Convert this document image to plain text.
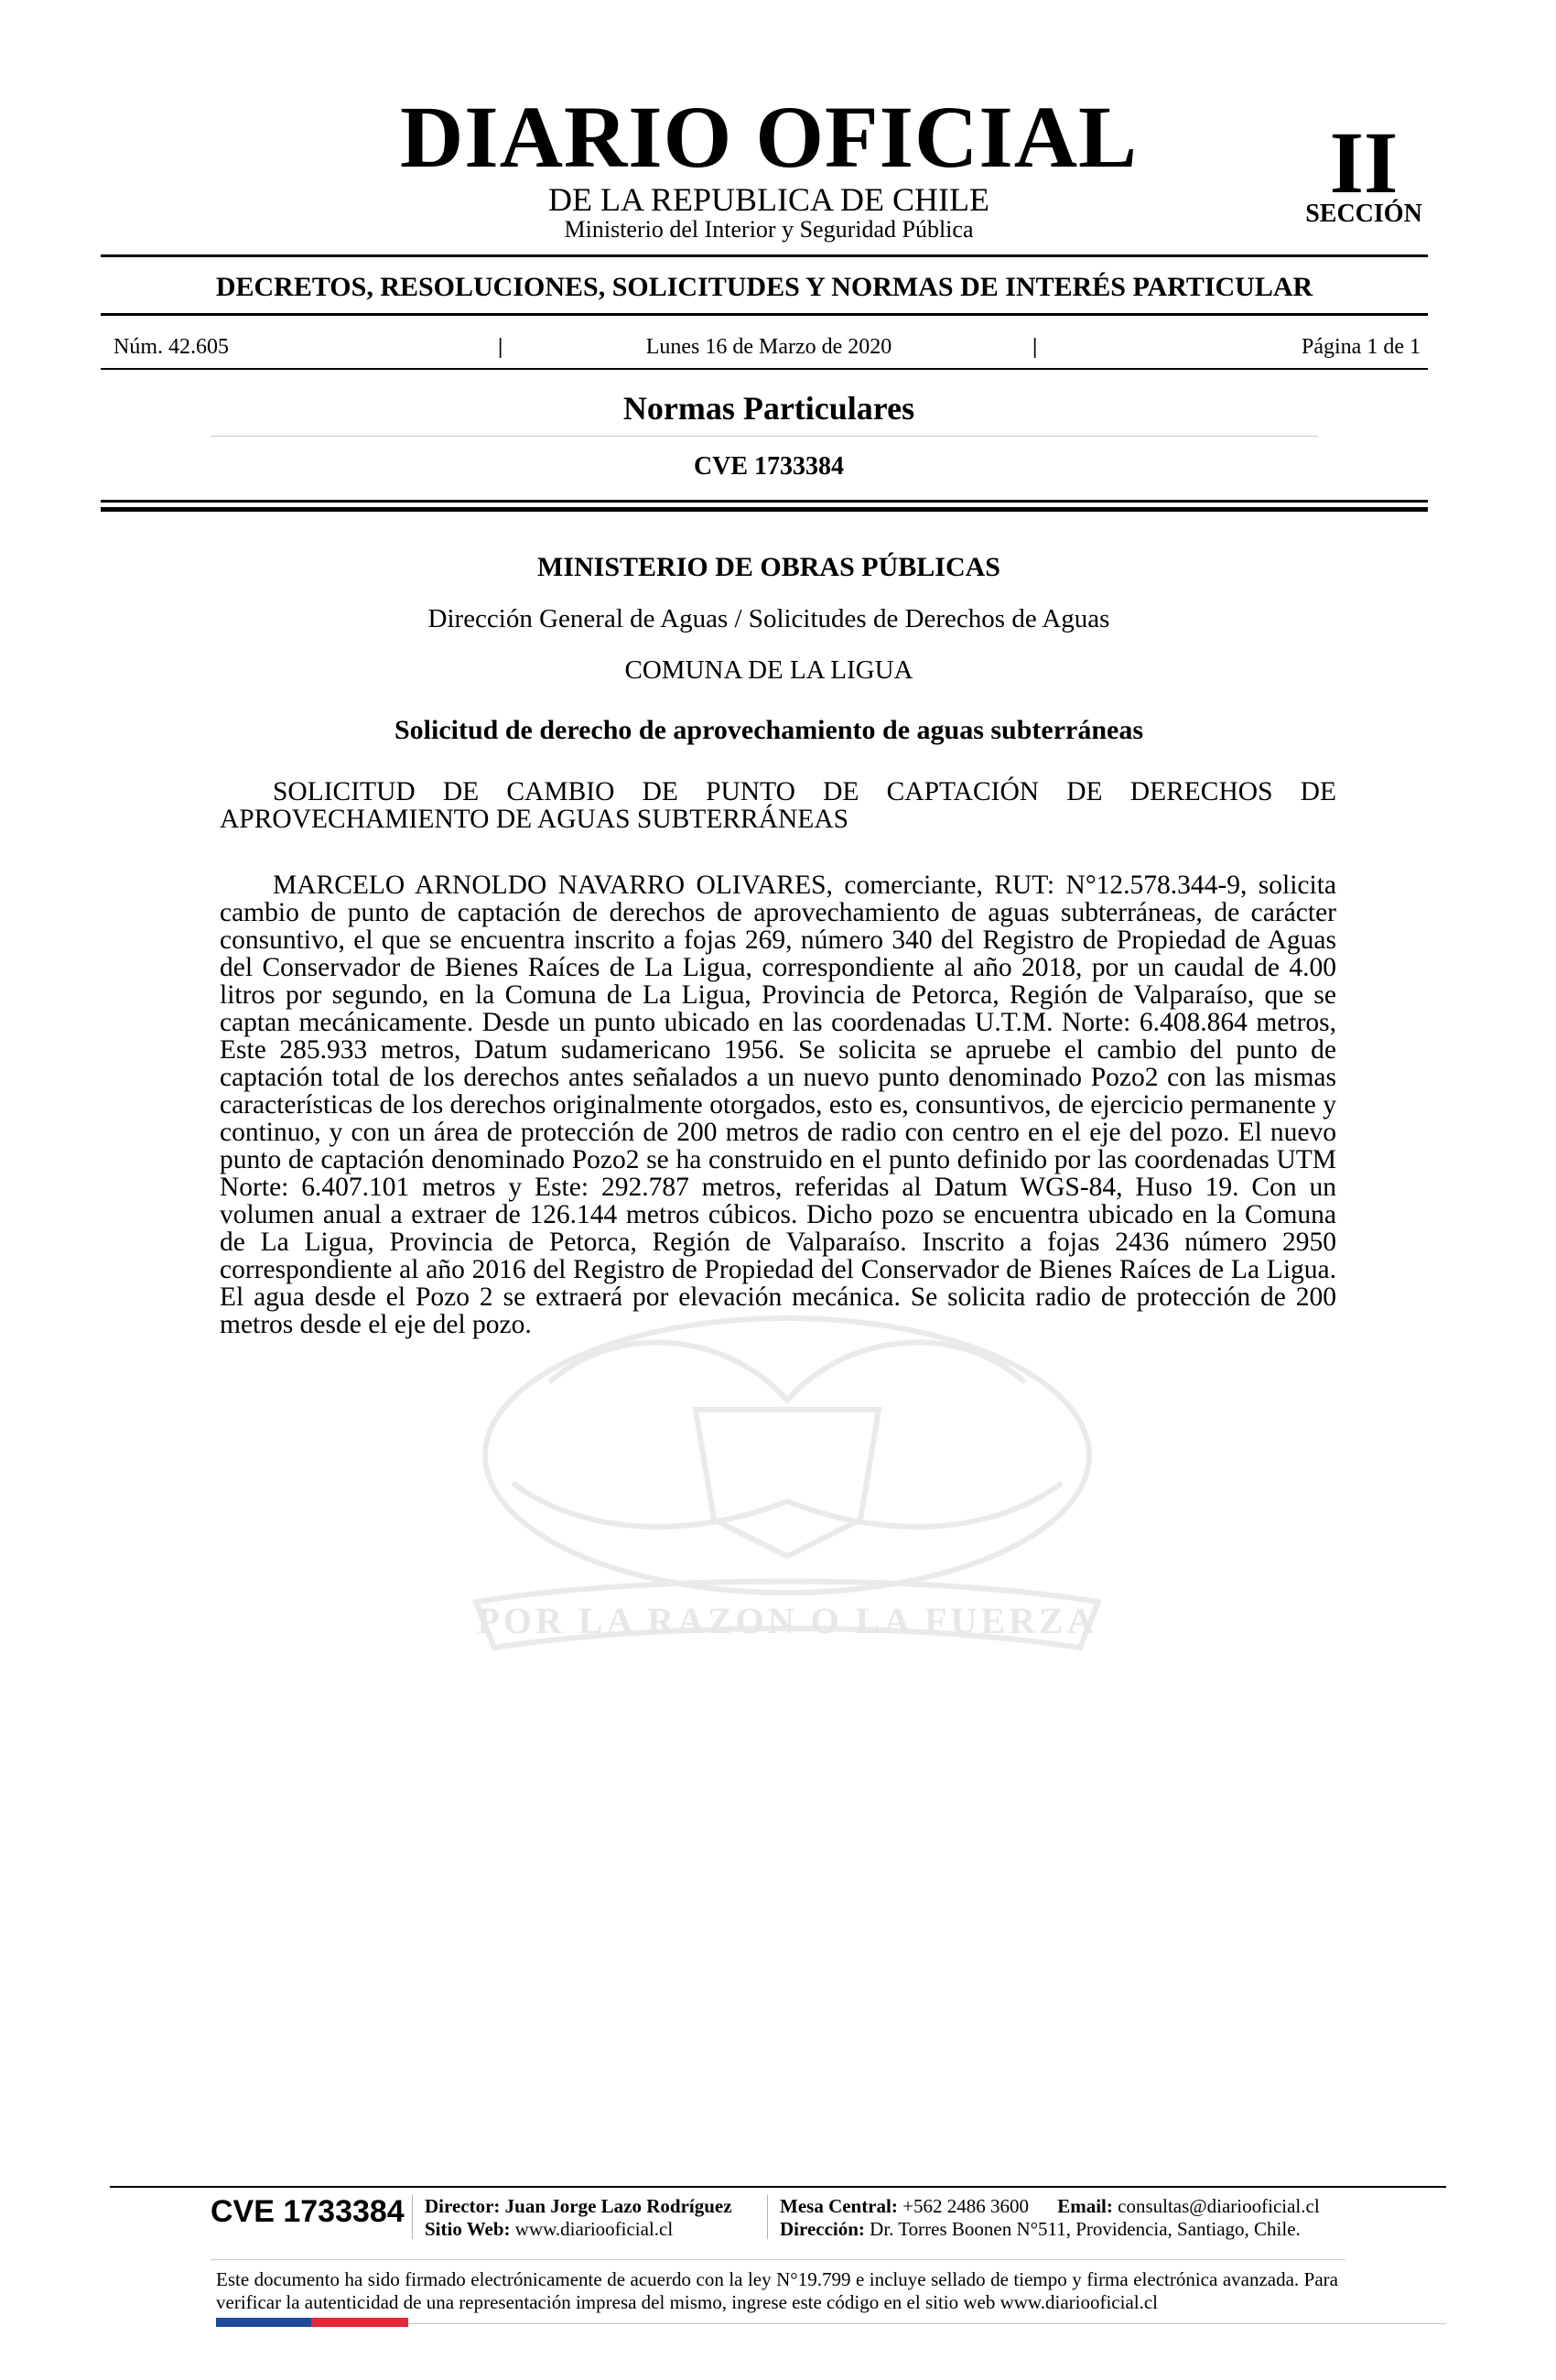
DIARIO OFICIAL
DE LA REPUBLICA DE CHILE
Ministerio del Interior y Seguridad Pública
II
SECCIÓN
DECRETOS, RESOLUCIONES, SOLICITUDES Y NORMAS DE INTERÉS PARTICULAR
Núm. 42.605	|	Lunes 16 de Marzo de 2020	|	Página 1 de 1
Normas Particulares
CVE 1733384
POR LA RAZON O LA FUERZA
MINISTERIO DE OBRAS PÚBLICAS
Dirección General de Aguas / Solicitudes de Derechos de Aguas
COMUNA DE LA LIGUA
Solicitud de derecho de aprovechamiento de aguas subterráneas
SOLICITUD DE CAMBIO DE PUNTO DE CAPTACIÓN DE DERECHOS DE APROVECHAMIENTO DE AGUAS SUBTERRÁNEAS
MARCELO ARNOLDO NAVARRO OLIVARES, comerciante, RUT: N°12.578.344-9, solicita cambio de punto de captación de derechos de aprovechamiento de aguas subterráneas, de carácter consuntivo, el que se encuentra inscrito a fojas 269, número 340 del Registro de Propiedad de Aguas del Conservador de Bienes Raíces de La Ligua, correspondiente al año 2018, por un caudal de 4.00 litros por segundo, en la Comuna de La Ligua, Provincia de Petorca, Región de Valparaíso, que se captan mecánicamente. Desde un punto ubicado en las coordenadas U.T.M. Norte: 6.408.864 metros, Este 285.933 metros, Datum sudamericano 1956. Se solicita se apruebe el cambio del punto de captación total de los derechos antes señalados a un nuevo punto denominado Pozo2 con las mismas características de los derechos originalmente otorgados, esto es, consuntivos, de ejercicio permanente y continuo, y con un área de protección de 200 metros de radio con centro en el eje del pozo. El nuevo punto de captación denominado Pozo2 se ha construido en el punto definido por las coordenadas UTM Norte: 6.407.101 metros y Este: 292.787 metros, referidas al Datum WGS-84, Huso 19. Con un volumen anual a extraer de 126.144 metros cúbicos. Dicho pozo se encuentra ubicado en la Comuna de La Ligua, Provincia de Petorca, Región de Valparaíso. Inscrito a fojas 2436 número 2950 correspondiente al año 2016 del Registro de Propiedad del Conservador de Bienes Raíces de La Ligua. El agua desde el Pozo 2 se extraerá por elevación mecánica. Se solicita radio de protección de 200 metros desde el eje del pozo.
CVE 1733384 Director: Juan Jorge Lazo Rodríguez
Sitio Web: www.diariooficial.cl
Mesa Central: +562 2486 3600 Email: consultas@diariooficial.cl
Dirección: Dr. Torres Boonen N°511, Providencia, Santiago, Chile.
Este documento ha sido firmado electrónicamente de acuerdo con la ley N°19.799 e incluye sellado de tiempo y firma electrónica avanzada. Para verificar la autenticidad de una representación impresa del mismo, ingrese este código en el sitio web www.diariooficial.cl
